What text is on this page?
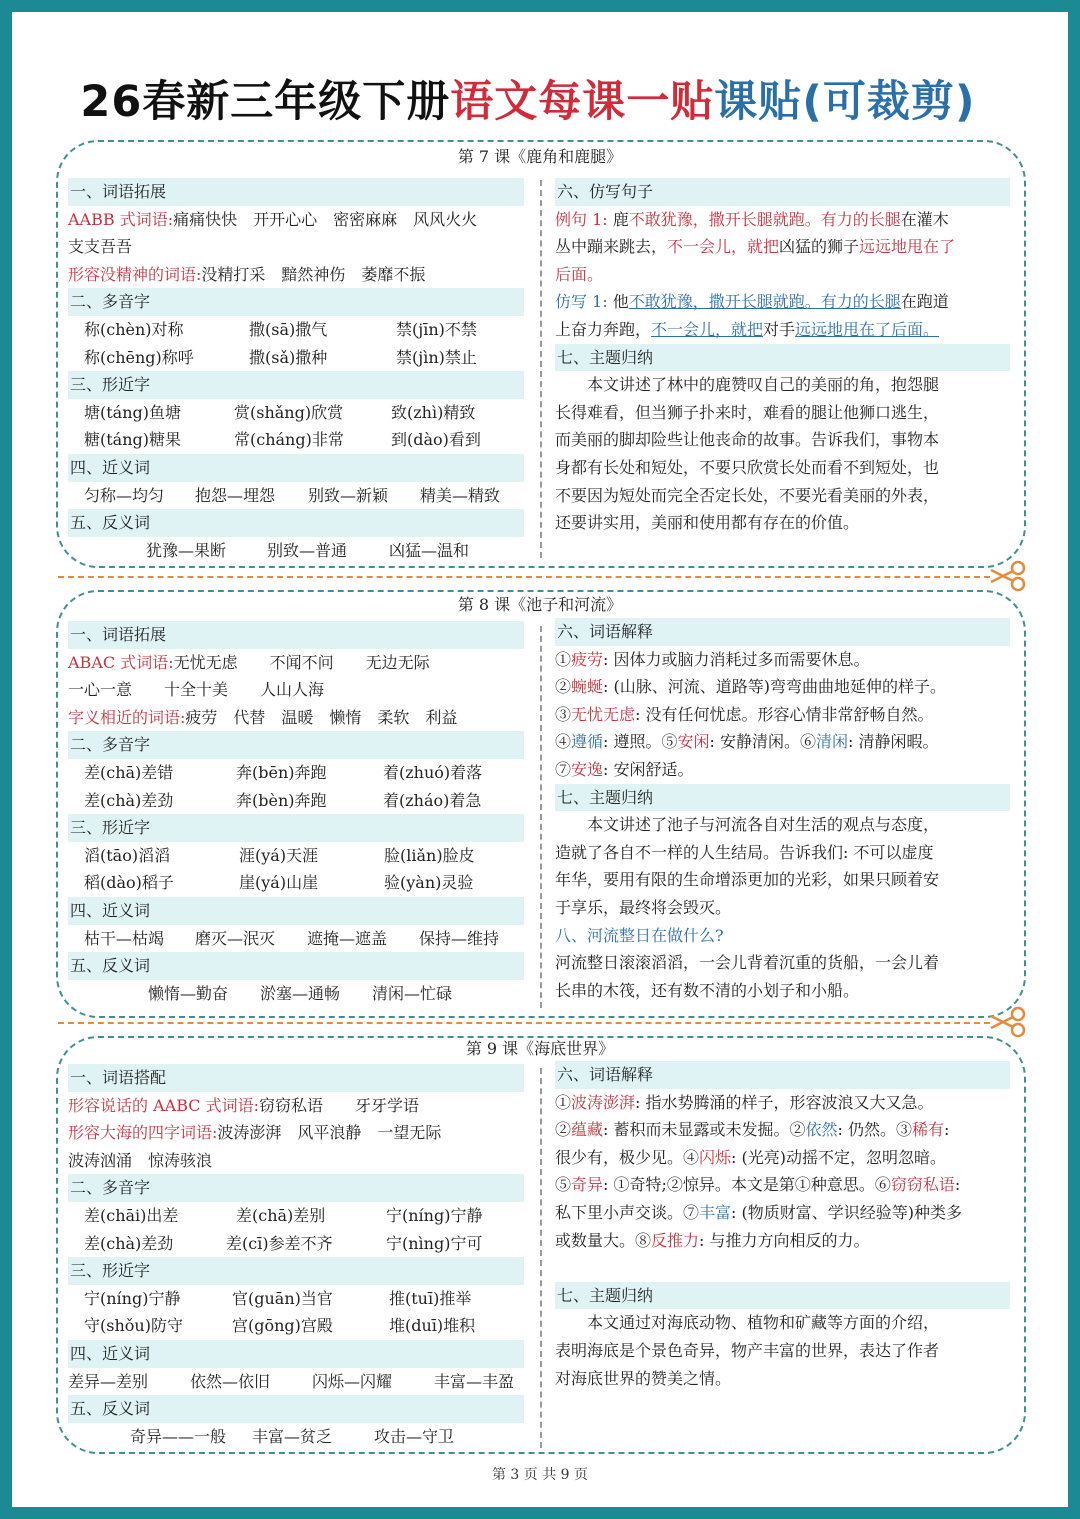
26春新三年级下册语文每课一贴课贴(可裁剪)
第 7 课《鹿角和鹿腿》
一、词语拓展
AABB 式词语:痛痛快快　开开心心　密密麻麻　风风火火
支支吾吾
形容没精神的词语:没精打采　黯然神伤　萎靡不振
二、多音字
称(chèn)对称	撒(sā)撒气	禁(jīn)不禁
称(chēng)称呼	撒(sǎ)撒种	禁(jìn)禁止
三、形近字
塘(táng)鱼塘	赏(shǎng)欣赏	致(zhì)精致
糖(táng)糖果	常(cháng)非常	到(dào)看到
四、近义词
匀称—均匀 抱怨—埋怨 别致—新颖 精美—精致
五、反义词
犹豫—果断	别致—普通	凶猛—温和
六、仿写句子
例句 1: 鹿不敢犹豫，撒开长腿就跑。有力的长腿在灌木
丛中蹦来跳去，不一会儿，就把凶猛的狮子远远地甩在了
后面。
仿写 1: 他不敢犹豫，撒开长腿就跑。有力的长腿在跑道
上奋力奔跑，不一会儿，就把对手远远地甩在了后面。
七、主题归纳
　　本文讲述了林中的鹿赞叹自己的美丽的角，抱怨腿
长得难看，但当狮子扑来时，难看的腿让他狮口逃生，
而美丽的脚却险些让他丧命的故事。告诉我们，事物本
身都有长处和短处，不要只欣赏长处而看不到短处，也
不要因为短处而完全否定长处，不要光看美丽的外表，
还要讲实用，美丽和使用都有存在的价值。
第 8 课《池子和河流》
一、词语拓展
ABAC 式词语:无忧无虑　　不闻不问　　无边无际
一心一意　　十全十美　　人山人海
字义相近的词语:疲劳　代替　温暖　懒惰　柔软　利益
二、多音字
差(chā)差错	奔(bēn)奔跑	着(zhuó)着落
差(chà)差劲	奔(bèn)奔跑	着(zháo)着急
三、形近字
滔(tāo)滔滔	涯(yá)天涯	脸(liǎn)脸皮
稻(dào)稻子	崖(yá)山崖	验(yàn)灵验
四、近义词
枯干—枯竭 磨灭—泯灭 遮掩—遮盖 保持—维持
五、反义词
懒惰—勤奋 淤塞—通畅 清闲—忙碌
六、词语解释
①疲劳: 因体力或脑力消耗过多而需要休息。
②蜿蜒: (山脉、河流、道路等)弯弯曲曲地延伸的样子。
③无忧无虑: 没有任何忧虑。形容心情非常舒畅自然。
④遵循: 遵照。⑤安闲: 安静清闲。⑥清闲: 清静闲暇。
⑦安逸: 安闲舒适。
七、主题归纳
　　本文讲述了池子与河流各自对生活的观点与态度，
造就了各自不一样的人生结局。告诉我们: 不可以虚度
年华，要用有限的生命增添更加的光彩，如果只顾着安
于享乐，最终将会毁灭。
八、河流整日在做什么?
河流整日滚滚滔滔，一会儿背着沉重的货船，一会儿着
长串的木筏，还有数不清的小划子和小船。
第 9 课《海底世界》
一、词语搭配
形容说话的 AABC 式词语:窃窃私语　　牙牙学语
形容大海的四字词语:波涛澎湃　风平浪静　一望无际
波涛汹涌　惊涛骇浪
二、多音字
差(chāi)出差	差(chā)差别	宁(níng)宁静
差(chà)差劲	差(cī)参差不齐	宁(nìng)宁可
三、形近字
宁(níng)宁静	官(guān)当官	推(tuī)推举
守(shǒu)防守	宫(gōng)宫殿	堆(duī)堆积
四、近义词
差异—差别	依然—依旧	闪烁—闪耀	丰富—丰盈
五、反义词
奇异——一般 丰富—贫乏	攻击—守卫
六、词语解释
①波涛澎湃: 指水势腾涌的样子，形容波浪又大又急。
②蕴藏: 蓄积而未显露或未发掘。②依然: 仍然。③稀有:
很少有，极少见。④闪烁: (光亮)动摇不定，忽明忽暗。
⑤奇异: ①奇特;②惊异。本文是第①种意思。⑥窃窃私语:
私下里小声交谈。⑦丰富: (物质财富、学识经验等)种类多
或数量大。⑧反推力: 与推力方向相反的力。
七、主题归纳
　　本文通过对海底动物、植物和矿藏等方面的介绍，
表明海底是个景色奇异，物产丰富的世界，表达了作者
对海底世界的赞美之情。
第 3 页 共 9 页
